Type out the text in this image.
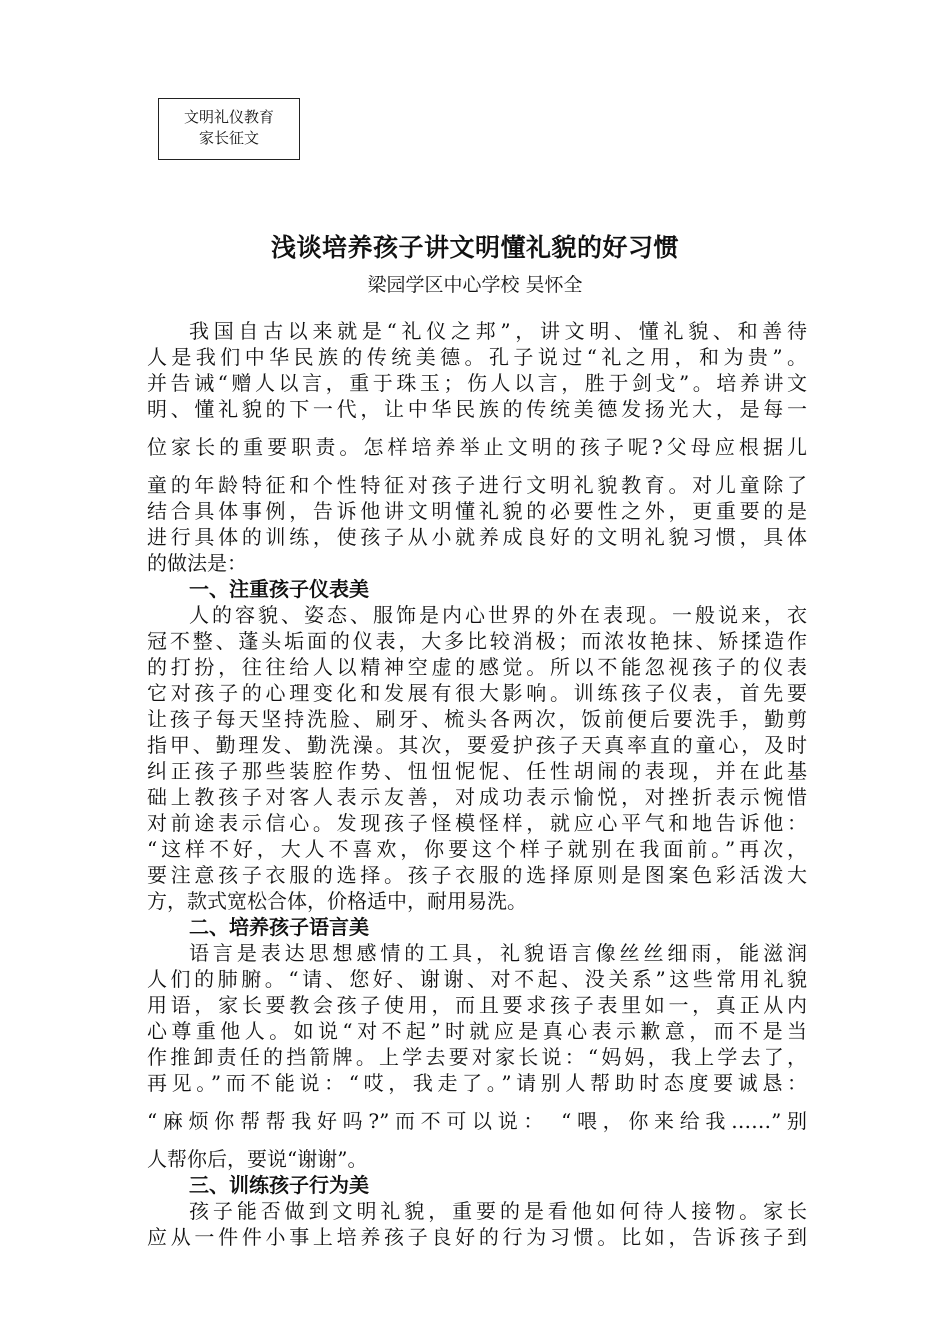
文明礼仪教育
家长征文
浅谈培养孩子讲文明懂礼貌的好习惯
梁园学区中心学校 吴怀全
我国自古以来就是“礼仪之邦”，讲文明、懂礼貌、和善待
人是我们中华民族的传统美德。孔子说过“礼之用，和为贵”。
并告诫“赠人以言，重于珠玉；伤人以言，胜于剑戈”。培养讲文
明、懂礼貌的下一代，让中华民族的传统美德发扬光大，是每一
位家长的重要职责。怎样培养举止文明的孩子呢?父母应根据儿
童的年龄特征和个性特征对孩子进行文明礼貌教育。对儿童除了
结合具体事例，告诉他讲文明懂礼貌的必要性之外，更重要的是
进行具体的训练，使孩子从小就养成良好的文明礼貌习惯，具体
的做法是：
一、注重孩子仪表美
人的容貌、姿态、服饰是内心世界的外在表现。一般说来，衣
冠不整、蓬头垢面的仪表，大多比较消极；而浓妆艳抹、矫揉造作
的打扮，往往给人以精神空虚的感觉。所以不能忽视孩子的仪表
它对孩子的心理变化和发展有很大影响。训练孩子仪表，首先要
让孩子每天坚持洗脸、刷牙、梳头各两次，饭前便后要洗手，勤剪
指甲、勤理发、勤洗澡。其次，要爱护孩子天真率直的童心，及时
纠正孩子那些装腔作势、忸忸怩怩、任性胡闹的表现，并在此基
础上教孩子对客人表示友善，对成功表示愉悦，对挫折表示惋惜
对前途表示信心。发现孩子怪模怪样，就应心平气和地告诉他：
“这样不好，大人不喜欢，你要这个样子就别在我面前。”再次，
要注意孩子衣服的选择。孩子衣服的选择原则是图案色彩活泼大
方，款式宽松合体，价格适中，耐用易洗。
二、培养孩子语言美
语言是表达思想感情的工具，礼貌语言像丝丝细雨，能滋润
人们的肺腑。“请、您好、谢谢、对不起、没关系”这些常用礼貌
用语，家长要教会孩子使用，而且要求孩子表里如一，真正从内
心尊重他人。如说“对不起”时就应是真心表示歉意，而不是当
作推卸责任的挡箭牌。上学去要对家长说：“妈妈，我上学去了，
再见。”而不能说：“哎，我走了。”请别人帮助时态度要诚恳：
“麻烦你帮帮我好吗?”而不可以说： “喂，你来给我……”别
人帮你后，要说“谢谢”。
三、训练孩子行为美
孩子能否做到文明礼貌，重要的是看他如何待人接物。家长
应从一件件小事上培养孩子良好的行为习惯。比如，告诉孩子到
